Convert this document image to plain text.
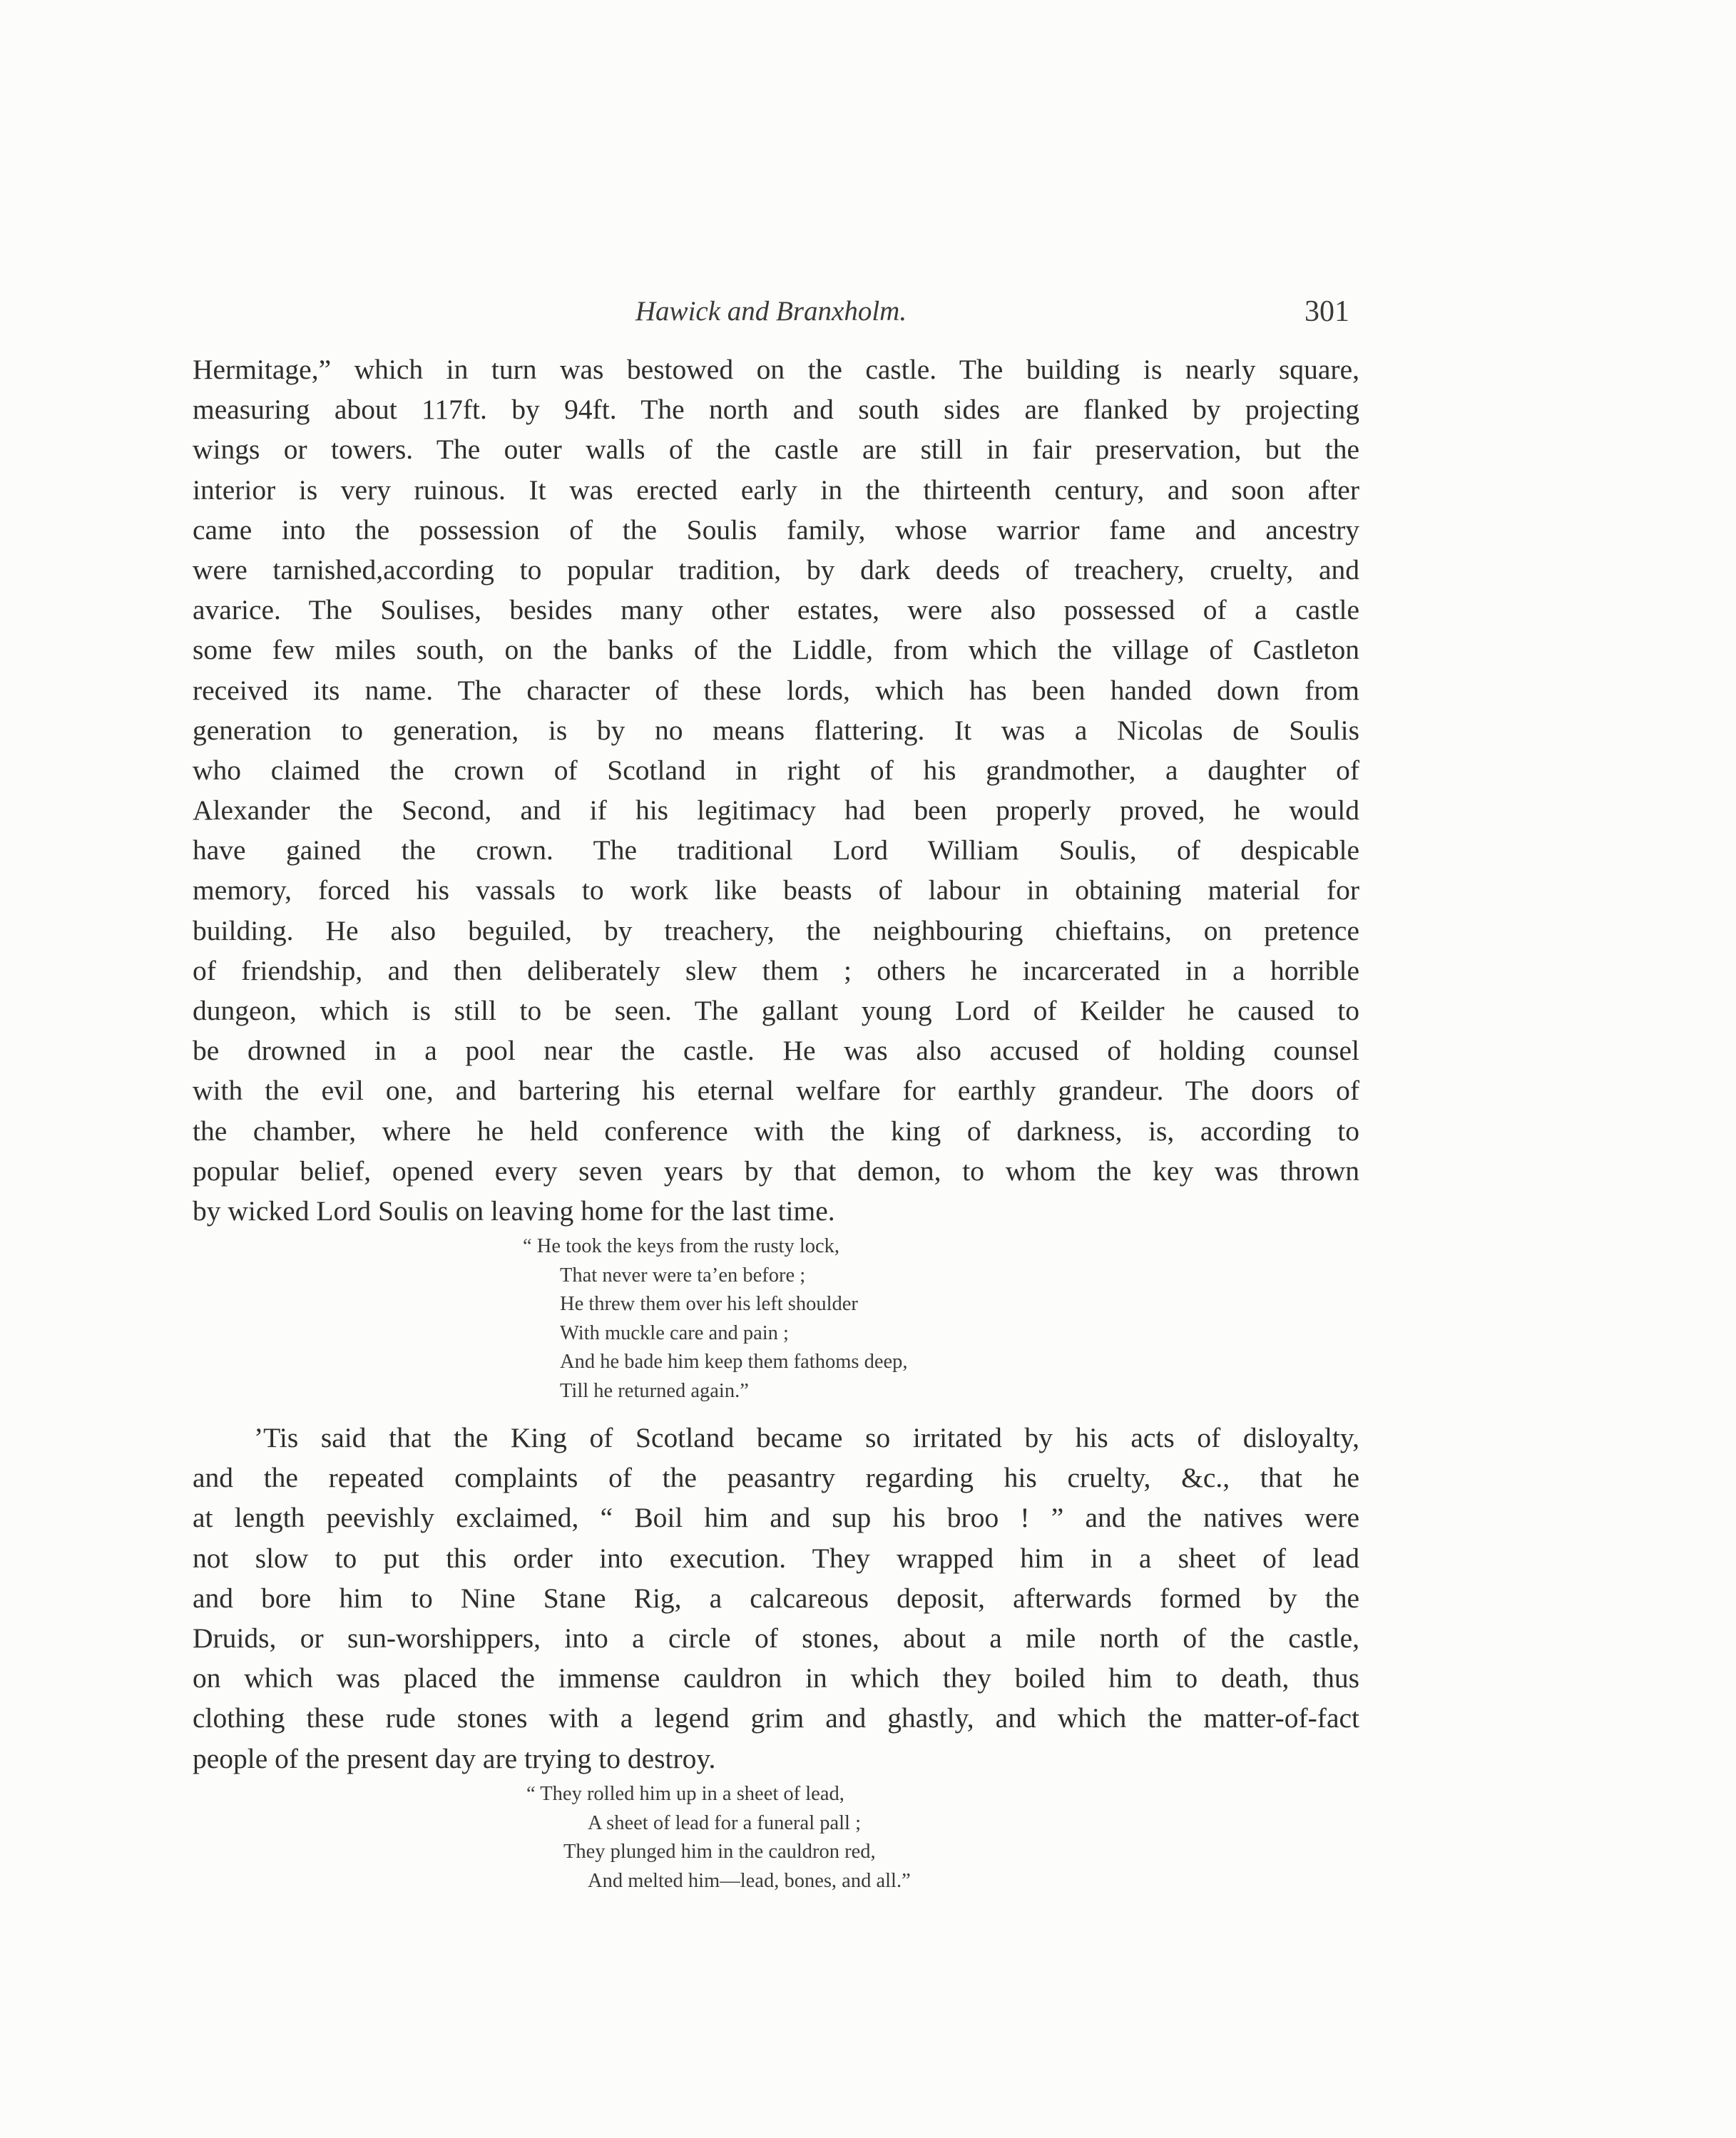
Hawick and Branxholm.	301
Hermitage,” which in turn was bestowed on the castle. The building is nearly square,
measuring about 117ft. by 94ft. The north and south sides are flanked by projecting
wings or towers. The outer walls of the castle are still in fair preservation, but the
interior is very ruinous. It was erected early in the thirteenth century, and soon after
came into the possession of the Soulis family, whose warrior fame and ancestry
were tarnished,according to popular tradition, by dark deeds of treachery, cruelty, and
avarice. The Soulises, besides many other estates, were also possessed of a castle
some few miles south, on the banks of the Liddle, from which the village of Castleton
received its name. The character of these lords, which has been handed down from
generation to generation, is by no means flattering. It was a Nicolas de Soulis
who claimed the crown of Scotland in right of his grandmother, a daughter of
Alexander the Second, and if his legitimacy had been properly proved, he would
have gained the crown. The traditional Lord William Soulis, of despicable
memory, forced his vassals to work like beasts of labour in obtaining material for
building. He also beguiled, by treachery, the neighbouring chieftains, on pretence
of friendship, and then deliberately slew them ; others he incarcerated in a horrible
dungeon, which is still to be seen. The gallant young Lord of Keilder he caused to
be drowned in a pool near the castle. He was also accused of holding counsel
with the evil one, and bartering his eternal welfare for earthly grandeur. The doors of
the chamber, where he held conference with the king of darkness, is, according to
popular belief, opened every seven years by that demon, to whom the key was thrown
by wicked Lord Soulis on leaving home for the last time.
“ He took the keys from the rusty lock,
That never were ta’en before ;
He threw them over his left shoulder
With muckle care and pain ;
And he bade him keep them fathoms deep,
Till he returned again.”
’Tis said that the King of Scotland became so irritated by his acts of disloyalty,
and the repeated complaints of the peasantry regarding his cruelty, &c., that he
at length peevishly exclaimed, “ Boil him and sup his broo ! ” and the natives were
not slow to put this order into execution. They wrapped him in a sheet of lead
and bore him to Nine Stane Rig, a calcareous deposit, afterwards formed by the
Druids, or sun-worshippers, into a circle of stones, about a mile north of the castle,
on which was placed the immense cauldron in which they boiled him to death, thus
clothing these rude stones with a legend grim and ghastly, and which the matter-of-fact
people of the present day are trying to destroy.
“ They rolled him up in a sheet of lead,
A sheet of lead for a funeral pall ;
They plunged him in the cauldron red,
And melted him—lead, bones, and all.”
